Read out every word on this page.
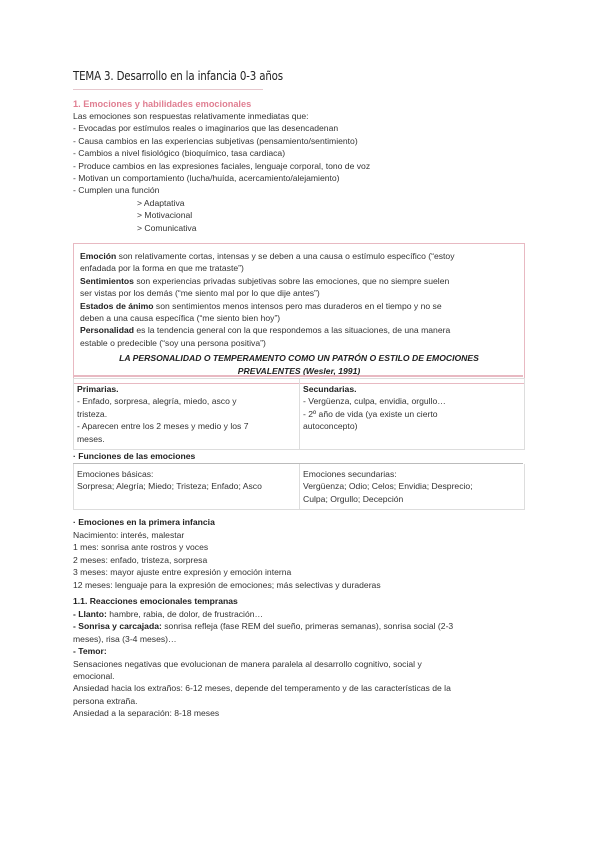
TEMA 3. Desarrollo en la infancia 0-3 años
1. Emociones y habilidades emocionales
Las emociones son respuestas relativamente inmediatas que:
- Evocadas por estímulos reales o imaginarios que las desencadenan
- Causa cambios en las experiencias subjetivas (pensamiento/sentimiento)
- Cambios a nivel fisiológico (bioquímico, tasa cardiaca)
- Produce cambios en las expresiones faciales, lenguaje corporal, tono de voz
- Motivan un comportamiento (lucha/huída, acercamiento/alejamiento)
- Cumplen una función
> Adaptativa
> Motivacional
> Comunicativa

Emoción son relativamente cortas, intensas y se deben a una causa o estímulo específico (“estoy

enfadada por la forma en que me trataste”)

Sentimientos son experiencias privadas subjetivas sobre las emociones, que no siempre suelen

ser vistas por los demás (“me siento mal por lo que dije antes”)

Estados de ánimo son sentimientos menos intensos pero mas duraderos en el tiempo y no se

deben a una causa específica (“me siento bien hoy”)

Personalidad es la tendencia general con la que respondemos a las situaciones, de una manera

estable o predecible (“soy una persona positiva”)

LA PERSONALIDAD O TEMPERAMENTO COMO UN PATRÓN O ESTILO DE EMOCIONES

PREVALENTES (Wesler, 1991)

Primarias.
- Enfado, sorpresa, alegría, miedo, asco y
tristeza.
- Aparecen entre los 2 meses y medio y los 7
meses.
Secundarias.
- Vergüenza, culpa, envidia, orgullo…
- 2º año de vida (ya existe un cierto
autoconcepto)
· Funciones de las emociones
Emociones básicas:
Sorpresa; Alegría; Miedo; Tristeza; Enfado; Asco
Emociones secundarias:
Vergüenza; Odio; Celos; Envidia; Desprecio;
Culpa; Orgullo; Decepción
· Emociones en la primera infancia
Nacimiento: interés, malestar
1 mes: sonrisa ante rostros y voces
2 meses: enfado, tristeza, sorpresa
3 meses: mayor ajuste entre expresión y emoción interna
12 meses: lenguaje para la expresión de emociones; más selectivas y duraderas
1.1. Reacciones emocionales tempranas
- Llanto: hambre, rabia, de dolor, de frustración…
- Sonrisa y carcajada: sonrisa refleja (fase REM del sueño, primeras semanas), sonrisa social (2-3
meses), risa (3-4 meses)…
- Temor:
Sensaciones negativas que evolucionan de manera paralela al desarrollo cognitivo, social y
emocional.
Ansiedad hacia los extraños: 6-12 meses, depende del temperamento y de las características de la
persona extraña.
Ansiedad a la separación: 8-18 meses
